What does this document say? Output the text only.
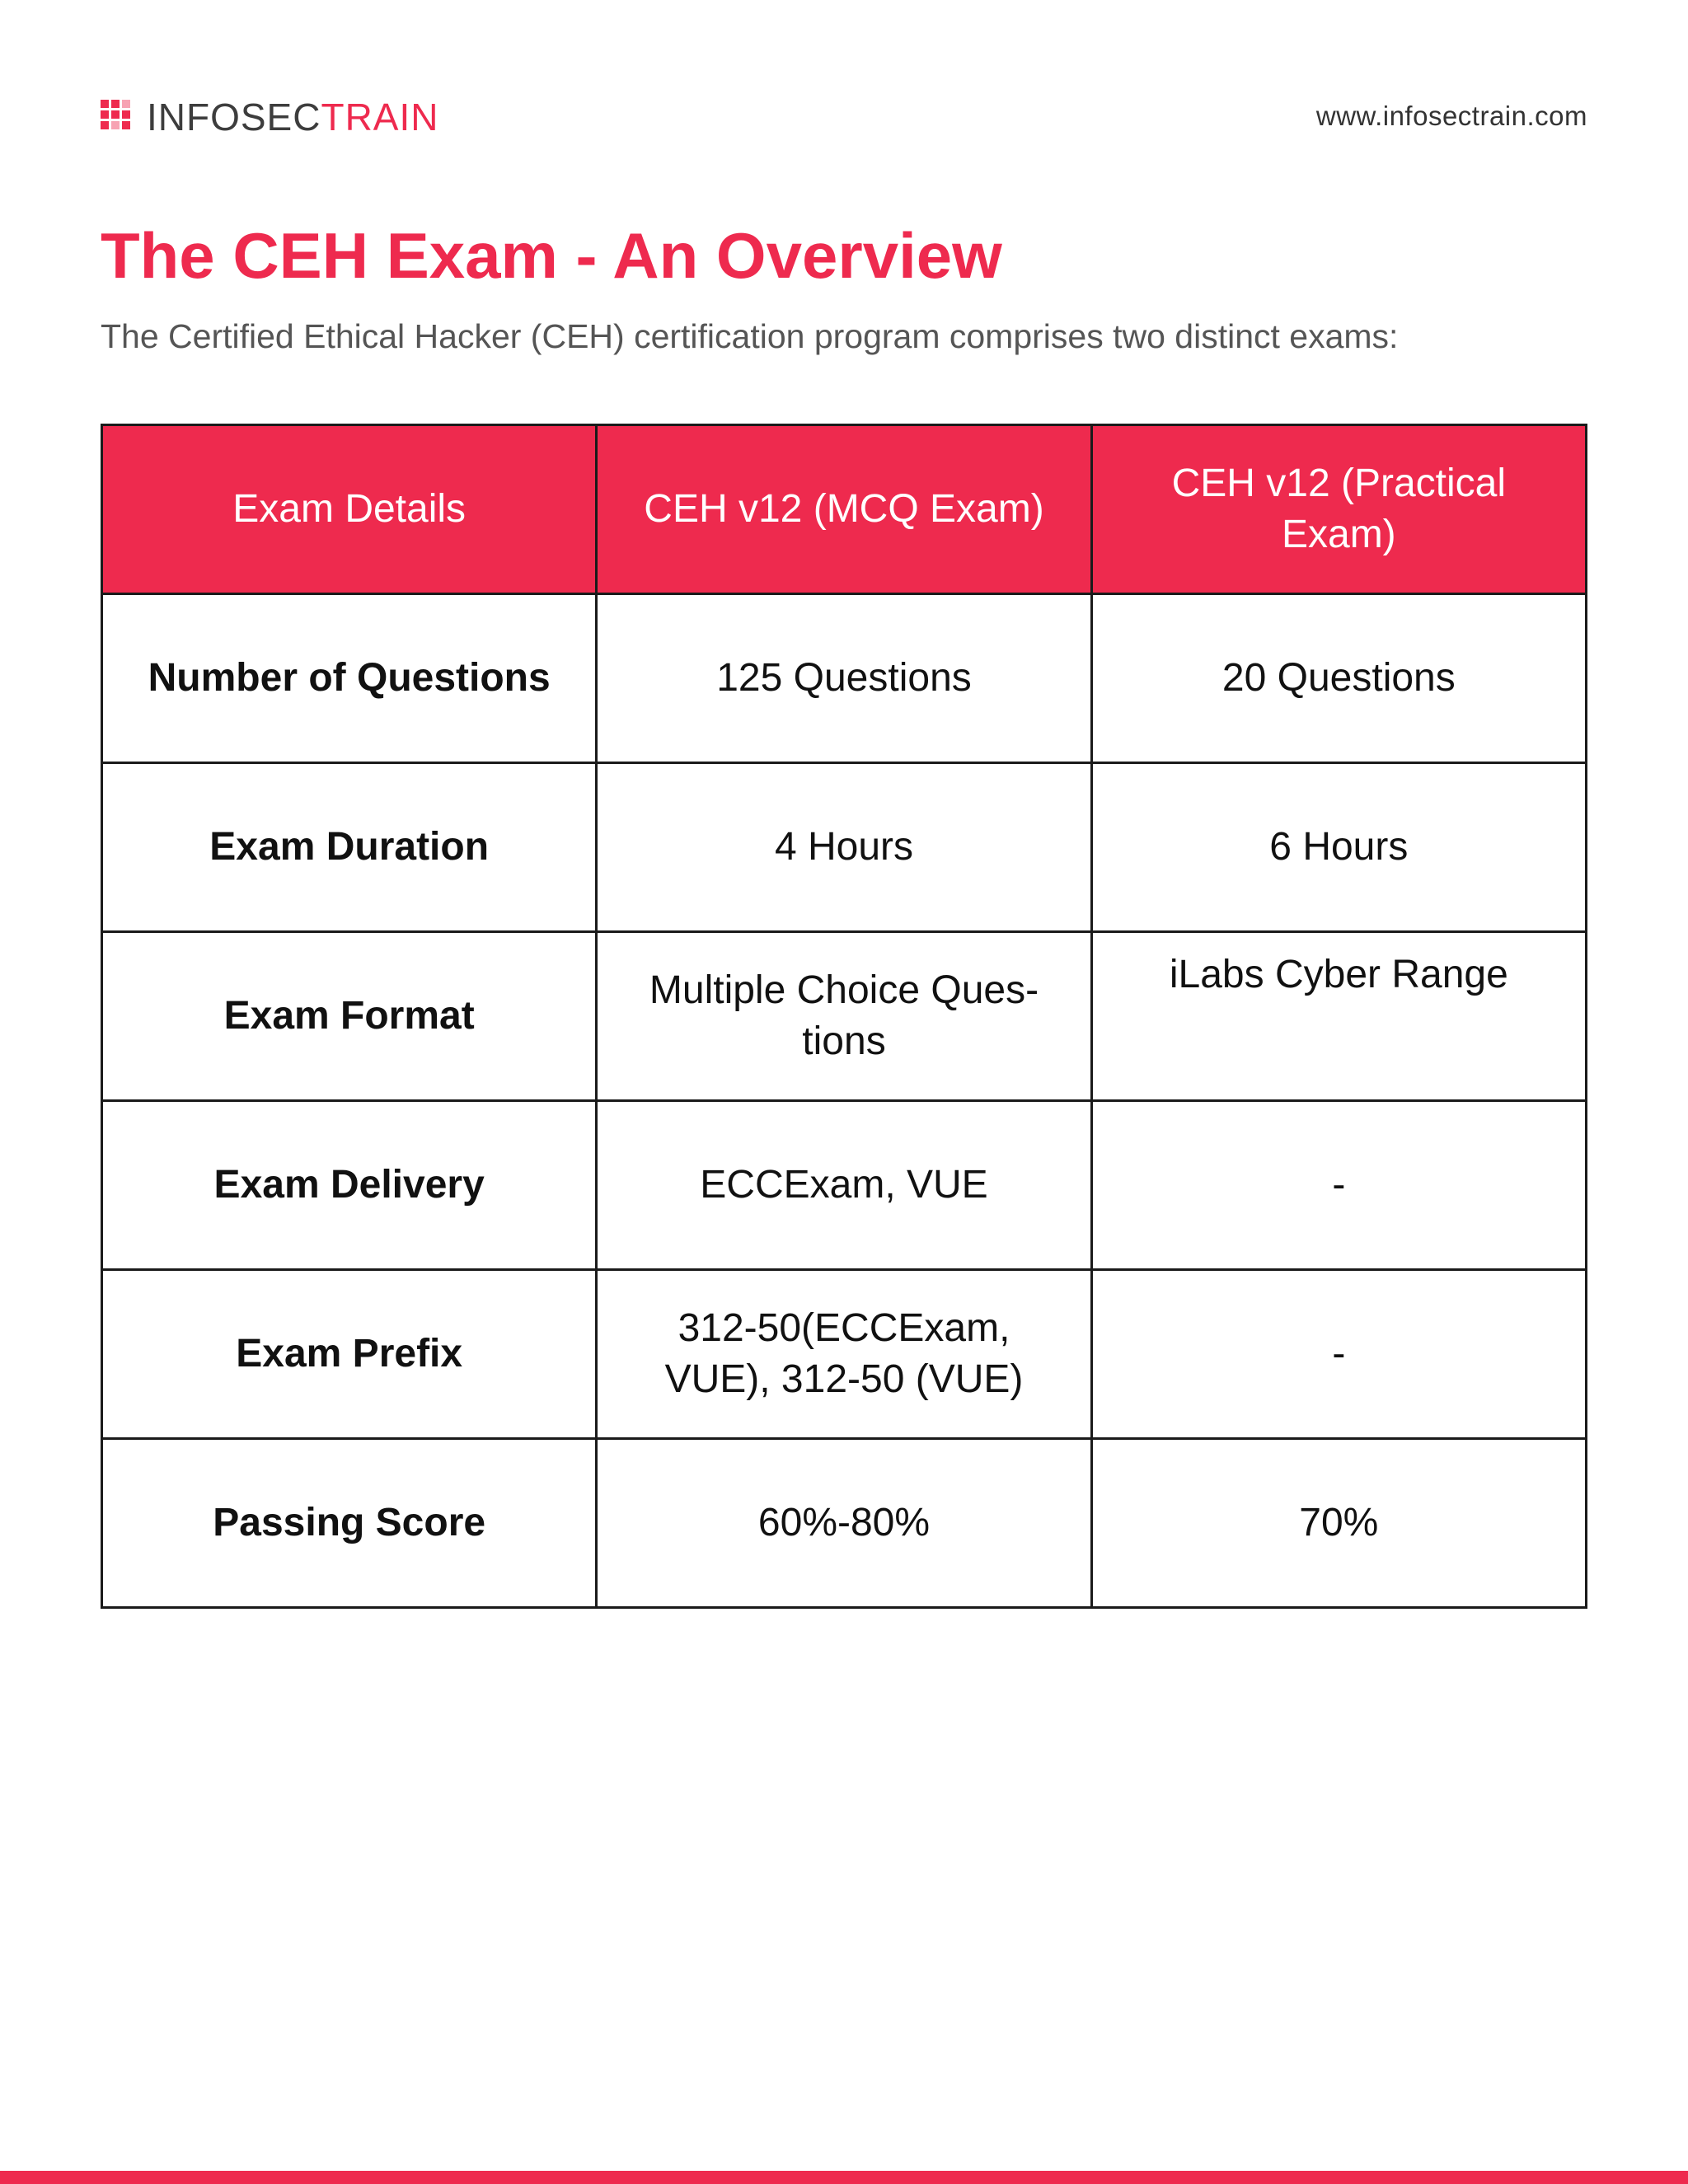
INFOSECTRAIN	www.infosectrain.com
The CEH Exam - An Overview
The Certified Ethical Hacker (CEH) certification program comprises two distinct exams:
Exam Details	CEH v12 (MCQ Exam)	CEH v12 (Practical Exam)
Number of Questions	125 Questions	20 Questions
Exam Duration	4 Hours	6 Hours
Exam Format	Multiple Choice Ques-tions	iLabs Cyber Range
Exam Delivery	ECCExam, VUE	-
Exam Prefix	312-50(ECCExam, VUE), 312-50 (VUE)	-
Passing Score	60%-80%	70%
